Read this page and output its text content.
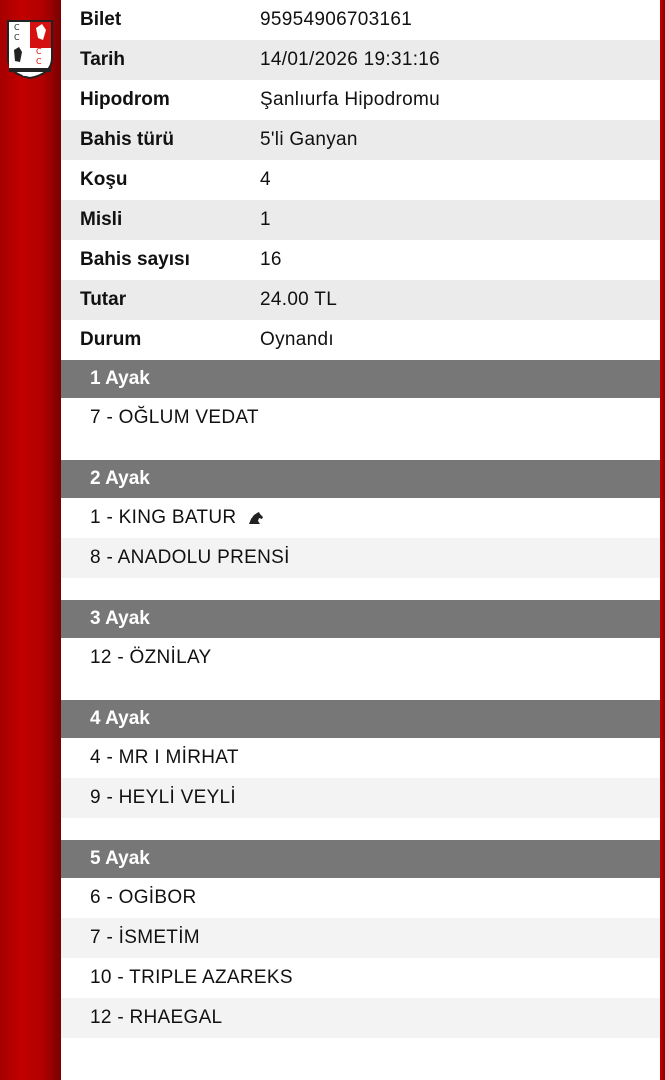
C
C
C
C
1950
Bilet	95954906703161
Tarih	14/01/2026 19:31:16
Hipodrom	Şanlıurfa Hipodromu
Bahis türü	5'li Ganyan
Koşu	4
Misli	1
Bahis sayısı	16
Tutar	24.00 TL
Durum	Oynandı
1 Ayak
7 - OĞLUM VEDAT
2 Ayak
1 - KING BATUR
8 - ANADOLU PRENSİ
3 Ayak
12 - ÖZNİLAY
4 Ayak
4 - MR I MİRHAT
9 - HEYLİ VEYLİ
5 Ayak
6 - OGİBOR
7 - İSMETİM
10 - TRIPLE AZAREKS
12 - RHAEGAL
